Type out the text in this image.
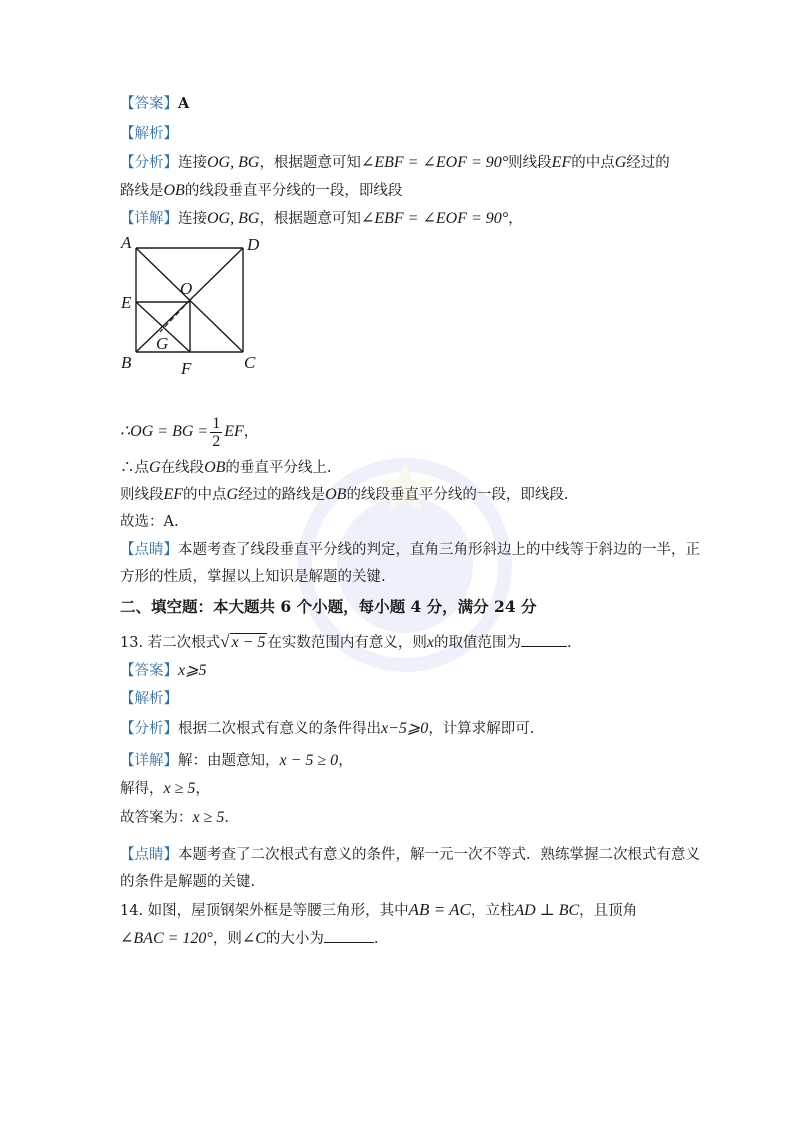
【答案】A
【解析】
【分析】连接OG, BG，根据题意可知∠EBF = ∠EOF = 90°则线段EF的中点G经过的
路线是OB的线段垂直平分线的一段，即线段
【详解】连接OG, BG，根据题意可知∠EBF = ∠EOF = 90°，
A	D
E
O
G
B	F	C
∴OG = BG = $\frac{1}{2}$ EF，
∴点G在线段OB的垂直平分线上.
则线段EF的中点G经过的路线是OB的线段垂直平分线的一段，即线段.
故选：A.
【点睛】本题考查了线段垂直平分线的判定，直角三角形斜边上的中线等于斜边的一半，正
方形的性质，掌握以上知识是解题的关键.
二、填空题：本大题共 6 个小题，每小题 4 分，满分 24 分
13. 若二次根式√ x − 5 在实数范围内有意义，则x的取值范围为	.
【答案】x⩾5
【解析】
【分析】根据二次根式有意义的条件得出x−5⩾0，计算求解即可.
【详解】解：由题意知，x − 5 ≥ 0，
解得，x ≥ 5，
故答案为：x ≥ 5.
【点睛】本题考查了二次根式有意义的条件，解一元一次不等式．熟练掌握二次根式有意义
的条件是解题的关键.
14. 如图，屋顶钢架外框是等腰三角形，其中AB = AC，立柱AD ⊥ BC，且顶角
∠BAC = 120°，则∠C的大小为	.
